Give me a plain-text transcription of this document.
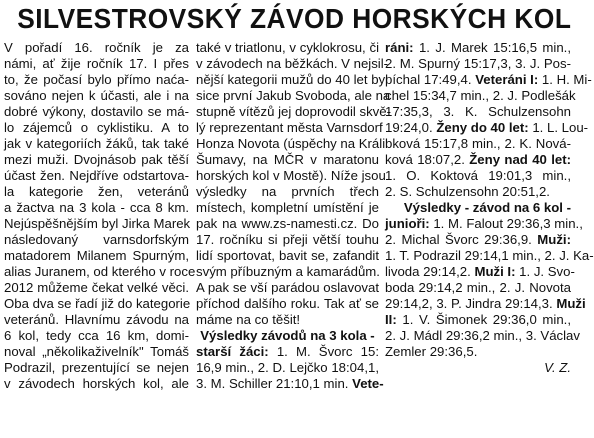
SILVESTROVSKÝ ZÁVOD HORSKÝCH KOL
V pořadí 16. ročník je za
námi, ať žije ročník 17. I přes
to, že počasí bylo přímo naća-
sováno nejen k účasti, ale i na
dobré výkony, dostavilo se má-
lo zájemců o cyklistiku. A to
jak v kategoriích žáků, tak také
mezi muži. Dvojnásob pak těší
účast žen. Nejdříve odstartova-
la kategorie žen, veteránů
a žactva na 3 kola - cca 8 km.
Nejúspěšnějším byl Jirka Marek
následovaný varnsdorfským
matadorem Milanem Spurným,
alias Juranem, od kterého v roce
2012 můžeme čekat velké věci.
Oba dva se řadí již do kategorie
veteránů. Hlavnímu závodu na
6 kol, tedy cca 16 km, domi-
noval „několikaživelník" Tomáš
Podrazil, prezentující se nejen
v závodech horských kol, ale
také v triatlonu, v cyklokrosu, či
v závodech na běžkách. V nejsil-
nější kategorii mužů do 40 let byl
sice první Jakub Svoboda, ale na
stupně vítězů jej doprovodil skvě-
lý reprezentant města Varnsdorf
Honza Novota (úspěchy na Králi
Šumavy, na MČR v maratonu
horských kol v Mostě). Níže jsou
výsledky na prvních třech
místech, kompletní umístění je
pak na www.zs-namesti.cz. Do
17. ročníku si přeji větší touhu
lidí sportovat, bavit se, zafandit
svým příbuzným a kamarádům.
A pak se vší parádou oslavovat
příchod dalšího roku. Tak ať se
máme na co těšit!
Výsledky závodů na 3 kola -
starší žáci: 1. M. Švorc 15:
16,9 min., 2. D. Lejčko 18:04,1,
3. M. Schiller 21:10,1 min. Vete-
ráni: 1. J. Marek 15:16,5 min.,
2. M. Spurný 15:17,3, 3. J. Pos-
píchal 17:49,4. Veteráni I: 1. H. Mi-
chel 15:34,7 min., 2. J. Podlešák
17:35,3, 3. K. Schulzensohn
19:24,0. Ženy do 40 let: 1. L. Lou-
bková 15:17,8 min., 2. K. Nová-
ková 18:07,2. Ženy nad 40 let:
1. O. Koktová 19:01,3 min.,
2. S. Schulzensohn 20:51,2.
Výsledky - závod na 6 kol -
junioři: 1. M. Falout 29:36,3 min.,
2. Michal Švorc 29:36,9. Muži:
1. T. Podrazil 29:14,1 min., 2. J. Ka-
livoda 29:14,2. Muži I: 1. J. Svo-
boda 29:14,2 min., 2. J. Novota
29:14,2, 3. P. Jindra 29:14,3. Muži
II: 1. V. Šimonek 29:36,0 min.,
2. J. Mádl 29:36,2 min., 3. Václav
Zemler 29:36,5.
V. Z.
